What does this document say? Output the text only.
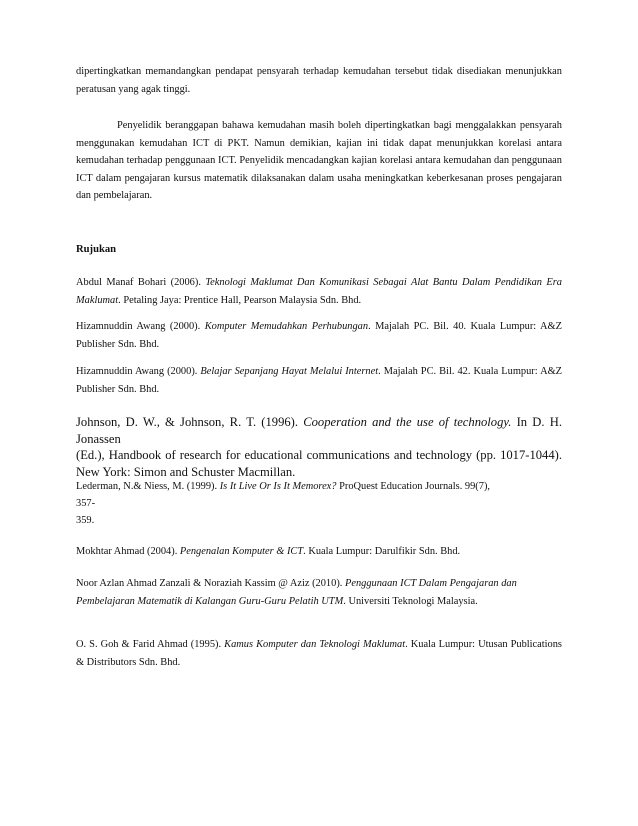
dipertingkatkan memandangkan pendapat pensyarah terhadap kemudahan tersebut tidak disediakan menunjukkan peratusan yang agak tinggi.

Penyelidik beranggapan bahawa kemudahan masih boleh dipertingkatkan bagi menggalakkan pensyarah menggunakan kemudahan ICT di PKT. Namun demikian, kajian ini tidak dapat menunjukkan korelasi antara kemudahan terhadap penggunaan ICT. Penyelidik mencadangkan kajian korelasi antara kemudahan dan penggunaan ICT dalam pengajaran kursus matematik dilaksanakan dalam usaha meningkatkan keberkesanan proses pengajaran dan pembelajaran.

Rujukan

Abdul Manaf Bohari (2006). Teknologi Maklumat Dan Komunikasi Sebagai Alat Bantu Dalam Pendidikan Era Maklumat. Petaling Jaya: Prentice Hall, Pearson Malaysia Sdn. Bhd.

Hizamnuddin Awang (2000). Komputer Memudahkan Perhubungan. Majalah PC. Bil. 40. Kuala Lumpur: A&Z Publisher Sdn. Bhd.

Hizamnuddin Awang (2000). Belajar Sepanjang Hayat Melalui Internet. Majalah PC. Bil. 42. Kuala Lumpur: A&Z Publisher Sdn. Bhd.

Johnson, D. W., & Johnson, R. T. (1996). Cooperation and the use of technology. In D. H. Jonassen

(Ed.), Handbook of research for educational communications and technology (pp. 1017-1044). New York: Simon and Schuster Macmillan.

Lederman, N.& Niess, M. (1999). Is It Live Or Is It Memorex? ProQuest Education Journals. 99(7),

357-

359.

Mokhtar Ahmad (2004). Pengenalan Komputer & ICT. Kuala Lumpur: Darulfikir Sdn. Bhd.

Noor Azlan Ahmad Zanzali & Noraziah Kassim @ Aziz (2010). Penggunaan ICT Dalam Pengajaran dan Pembelajaran Matematik di Kalangan Guru-Guru Pelatih UTM. Universiti Teknologi Malaysia.

O. S. Goh & Farid Ahmad (1995). Kamus Komputer dan Teknologi Maklumat. Kuala Lumpur: Utusan Publications & Distributors Sdn. Bhd.
